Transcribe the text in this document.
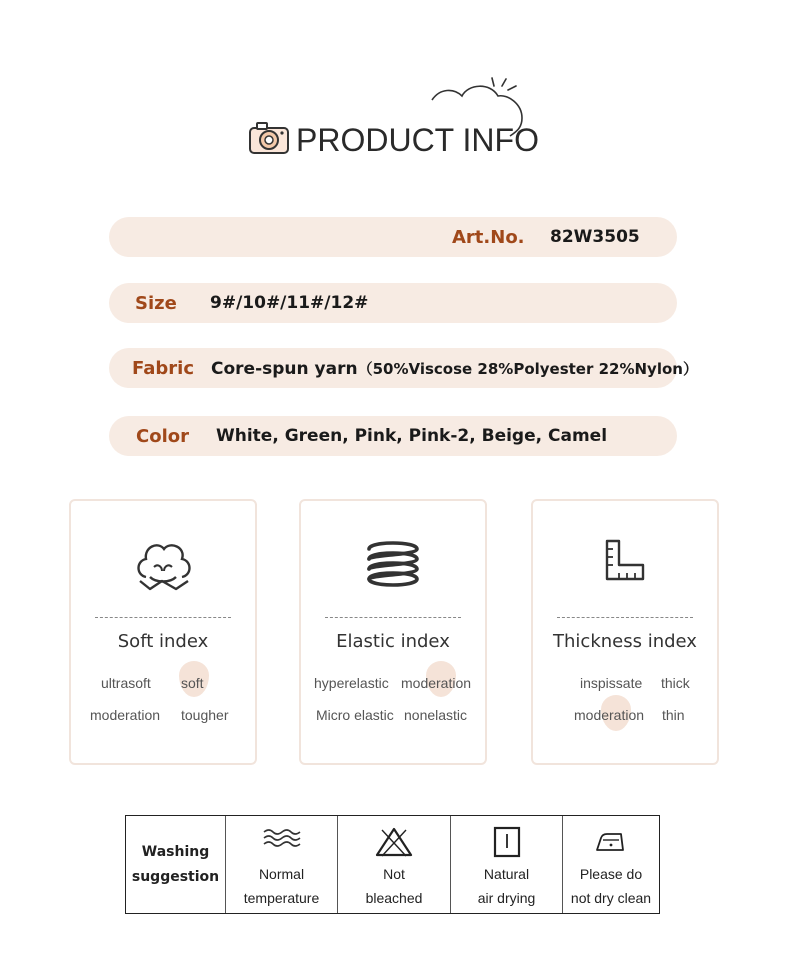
PRODUCT INFO
Art.No. 82W3505
Size 9#/10#/11#/12#
Fabric Core-spun yarn（50%Viscose 28%Polyester 22%Nylon）
Color White, Green, Pink, Pink-2, Beige, Camel
Soft index
ultrasoft soft
moderation tougher
Elastic index
hyperelastic moderation
Micro elastic nonelastic
Thickness index
inspissate thick
moderation thin
Washing
suggestion	Normal
temperature
Not
bleached
Natural
air drying
Please do
not dry clean
